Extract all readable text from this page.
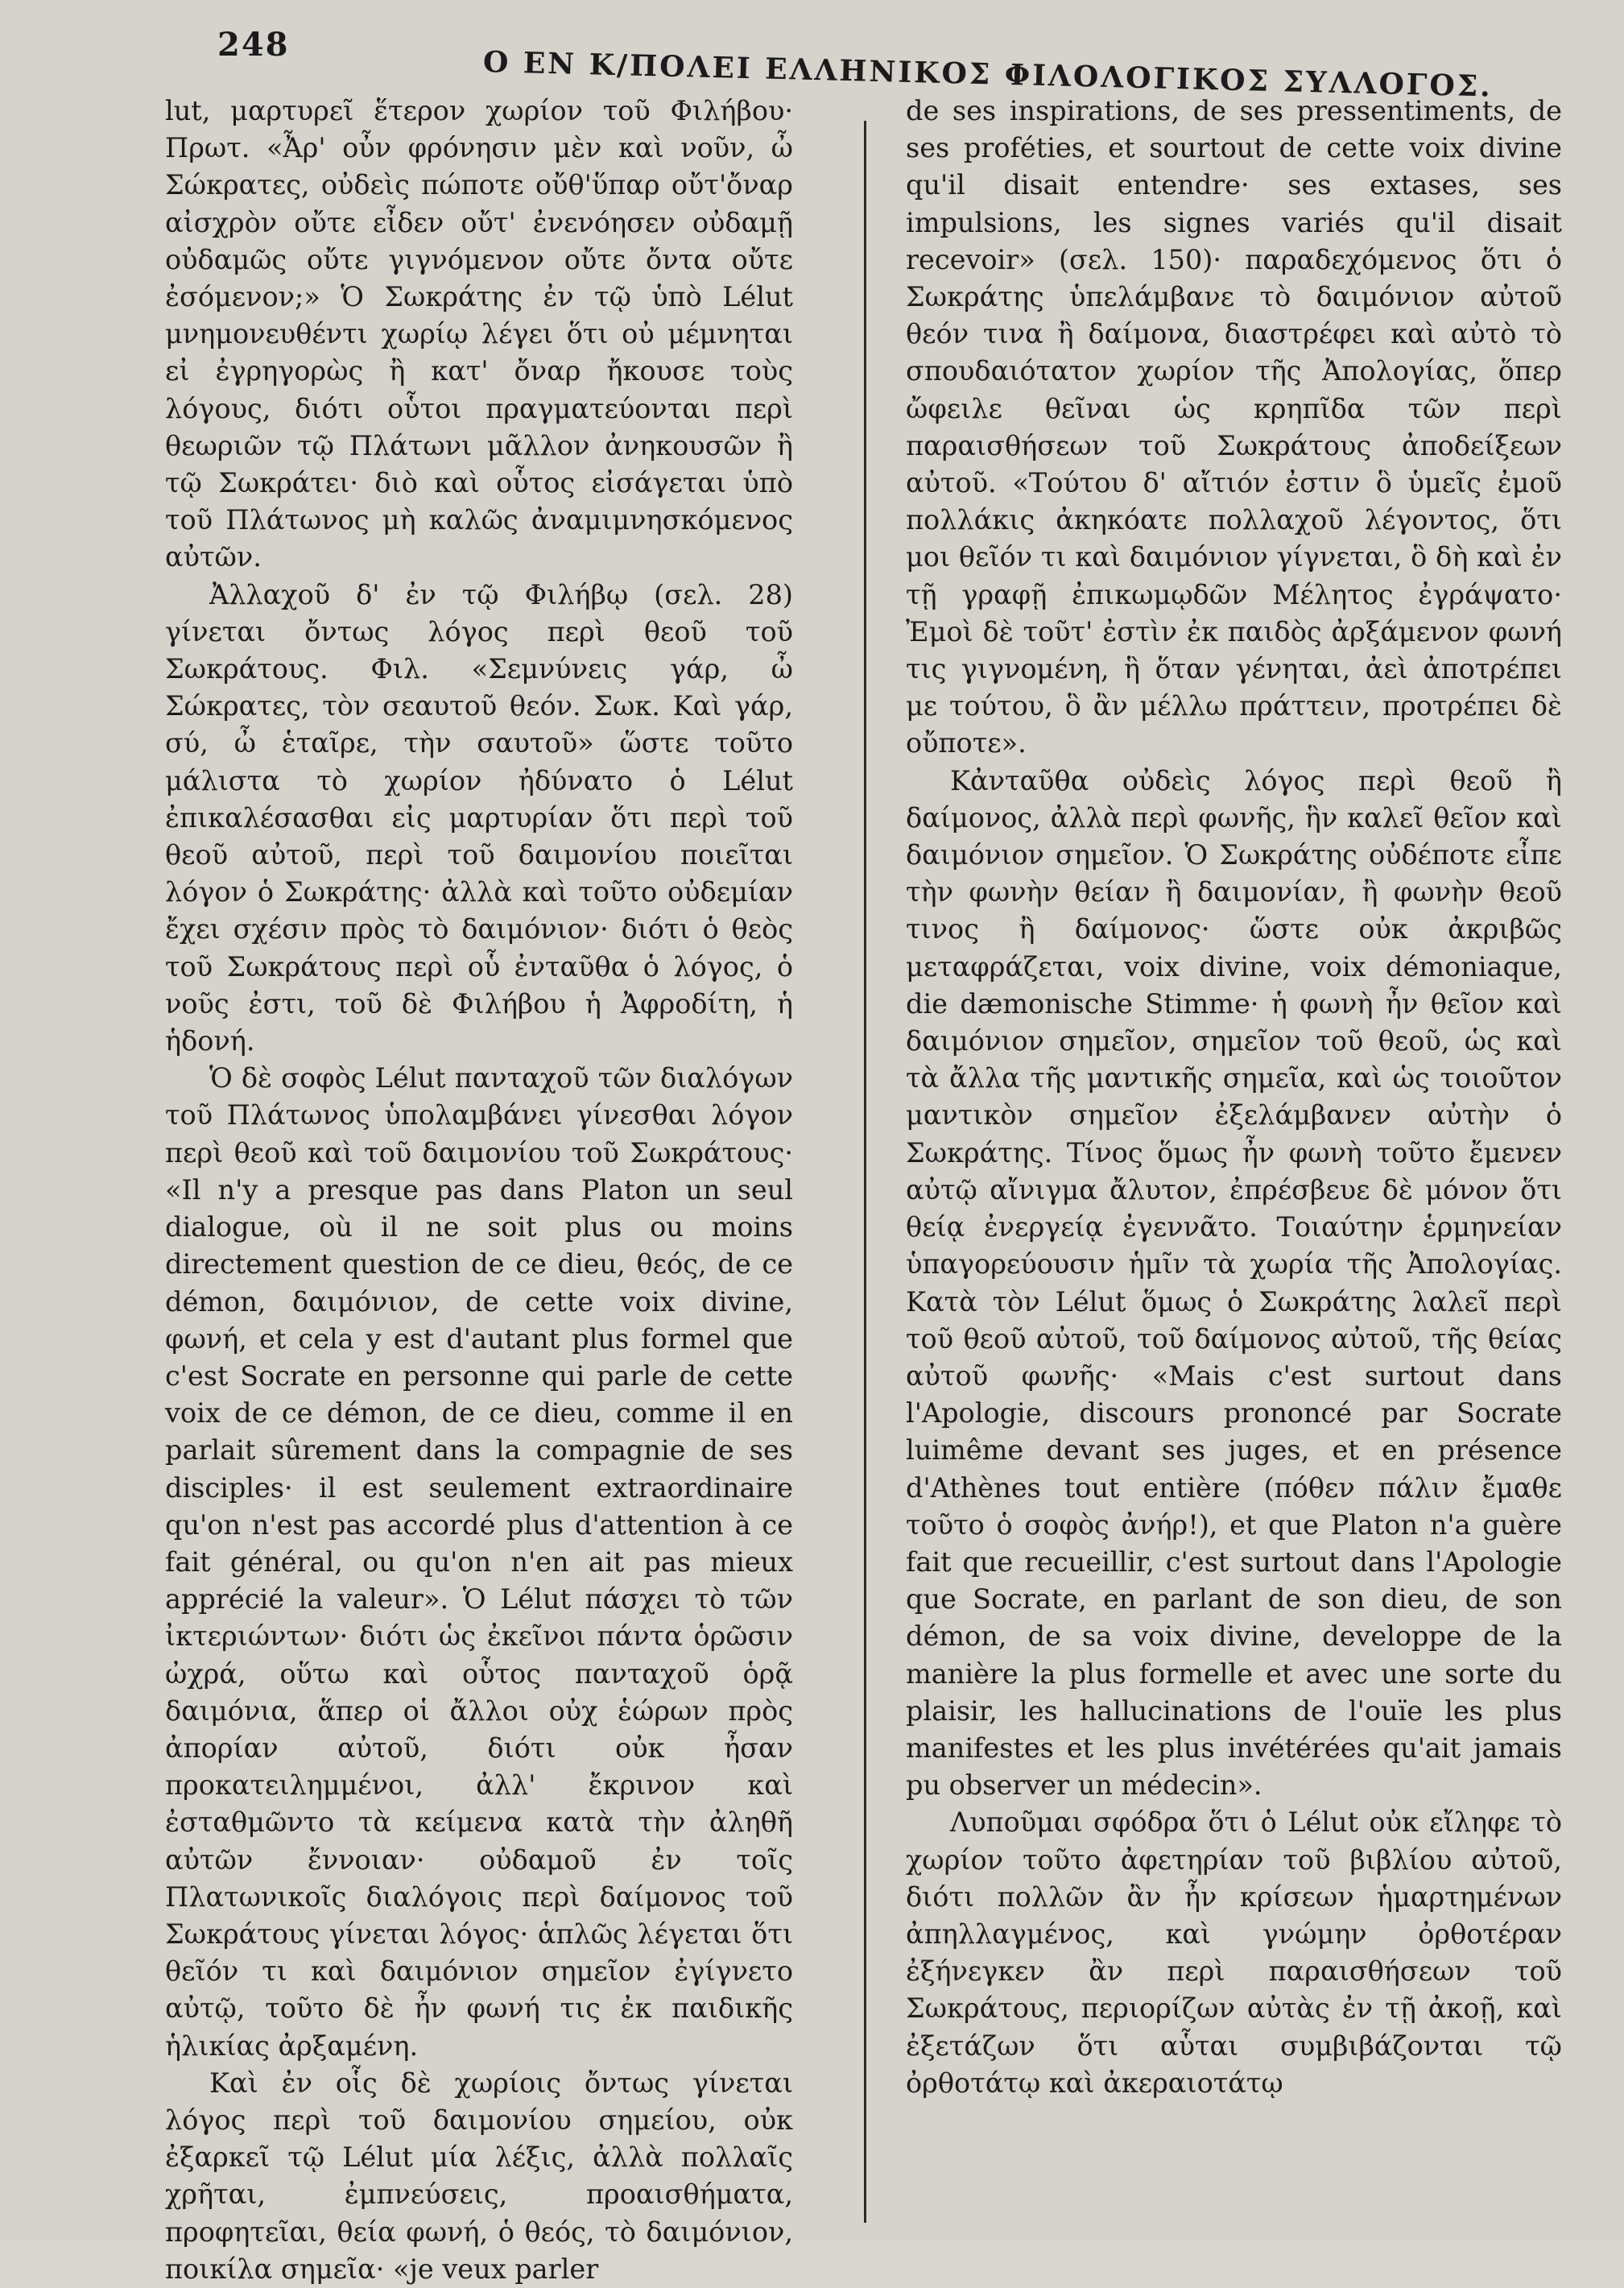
248
Ο ΕΝ Κ/ΠΟΛΕΙ ΕΛΛΗΝΙΚΟΣ ΦΙΛΟΛΟΓΙΚΟΣ ΣΥΛΛΟΓΟΣ.

lut, μαρτυρεῖ ἕτερον χωρίον τοῦ Φιλήβου· Πρωτ. «Ἆρ' οὖν φρόνησιν μὲν καὶ νοῦν, ὦ Σώκρατες, οὐδεὶς πώποτε οὔθ'ὕπαρ οὔτ'ὄναρ αἰσχρὸν οὔτε εἶδεν οὔτ' ἐνενόησεν οὐδαμῇ οὐδαμῶς οὔτε γιγνόμενον οὔτε ὄντα οὔτε ἐσόμενον;» Ὁ Σωκράτης ἐν τῷ ὑπὸ Lélut μνημονευθέντι χωρίῳ λέγει ὅτι οὐ μέμνηται εἰ ἐγρηγορὼς ἢ κατ' ὄναρ ἤκουσε τοὺς λόγους, διότι οὗτοι πραγματεύονται περὶ θεωριῶν τῷ Πλάτωνι μᾶλλον ἀνηκουσῶν ἢ τῷ Σωκράτει· διὸ καὶ οὗτος εἰσάγεται ὑπὸ τοῦ Πλάτωνος μὴ καλῶς ἀναμιμνησκόμενος αὐτῶν.

Ἀλλαχοῦ δ' ἐν τῷ Φιλήβῳ (σελ. 28) γίνεται ὄντως λόγος περὶ θεοῦ τοῦ Σωκράτους. Φιλ. «Σεμνύνεις γάρ, ὦ Σώκρατες, τὸν σεαυτοῦ θεόν. Σωκ. Καὶ γάρ, σύ, ὦ ἑταῖρε, τὴν σαυτοῦ» ὥστε τοῦτο μάλιστα τὸ χωρίον ἠδύνατο ὁ Lélut ἐπικαλέσασθαι εἰς μαρτυρίαν ὅτι περὶ τοῦ θεοῦ αὐτοῦ, περὶ τοῦ δαιμονίου ποιεῖται λόγον ὁ Σωκράτης· ἀλλὰ καὶ τοῦτο οὐδεμίαν ἔχει σχέσιν πρὸς τὸ δαιμόνιον· διότι ὁ θεὸς τοῦ Σωκράτους περὶ οὗ ἐνταῦθα ὁ λόγος, ὁ νοῦς ἐστι, τοῦ δὲ Φιλήβου ἡ Ἀφροδίτη, ἡ ἡδονή.

Ὁ δὲ σοφὸς Lélut πανταχοῦ τῶν διαλόγων τοῦ Πλάτωνος ὑπολαμβάνει γίνεσθαι λόγον περὶ θεοῦ καὶ τοῦ δαιμονίου τοῦ Σωκράτους· «Il n'y a presque pas dans Platon un seul dialogue, où il ne soit plus ou moins directement question de ce dieu, θεός, de ce démon, δαιμόνιον, de cette voix divine, φωνή, et cela y est d'autant plus formel que c'est Socrate en personne qui parle de cette voix de ce démon, de ce dieu, comme il en parlait sûrement dans la compagnie de ses disciples· il est seulement extraordinaire qu'on n'est pas accordé plus d'attention à ce fait général, ou qu'on n'en ait pas mieux apprécié la valeur». Ὁ Lélut πάσχει τὸ τῶν ἰκτεριώντων· διότι ὡς ἐκεῖνοι πάντα ὁρῶσιν ὠχρά, οὕτω καὶ οὗτος πανταχοῦ ὁρᾷ δαιμόνια, ἅπερ οἱ ἄλλοι οὐχ ἑώρων πρὸς ἀπορίαν αὐτοῦ, διότι οὐκ ἦσαν προκατειλημμένοι, ἀλλ' ἔκρινον καὶ ἐσταθμῶντο τὰ κείμενα κατὰ τὴν ἀληθῆ αὐτῶν ἔννοιαν· οὐδαμοῦ ἐν τοῖς Πλατωνικοῖς διαλόγοις περὶ δαίμονος τοῦ Σωκράτους γίνεται λόγος· ἁπλῶς λέγεται ὅτι θεῖόν τι καὶ δαιμόνιον σημεῖον ἐγίγνετο αὐτῷ, τοῦτο δὲ ἦν φωνή τις ἐκ παιδικῆς ἡλικίας ἀρξαμένη.

Καὶ ἐν οἷς δὲ χωρίοις ὄντως γίνεται λόγος περὶ τοῦ δαιμονίου σημείου, οὐκ ἐξαρκεῖ τῷ Lélut μία λέξις, ἀλλὰ πολλαῖς χρῆται, ἐμπνεύσεις, προαισθήματα, προφητεῖαι, θεία φωνή, ὁ θεός, τὸ δαιμόνιον, ποικίλα σημεῖα· «je veux parler

de ses inspirations, de ses pressentiments, de ses proféties, et sourtout de cette voix divine qu'il disait entendre· ses extases, ses impulsions, les signes variés qu'il disait recevoir» (σελ. 150)· παραδεχόμενος ὅτι ὁ Σωκράτης ὑπελάμβανε τὸ δαιμόνιον αὐτοῦ θεόν τινα ἢ δαίμονα, διαστρέφει καὶ αὐτὸ τὸ σπουδαιότατον χωρίον τῆς Ἀπολογίας, ὅπερ ὤφειλε θεῖναι ὡς κρηπῖδα τῶν περὶ παραισθήσεων τοῦ Σωκράτους ἀποδείξεων αὐτοῦ. «Τούτου δ' αἴτιόν ἐστιν ὃ ὑμεῖς ἐμοῦ πολλάκις ἀκηκόατε πολλαχοῦ λέγοντος, ὅτι μοι θεῖόν τι καὶ δαιμόνιον γίγνεται, ὃ δὴ καὶ ἐν τῇ γραφῇ ἐπικωμῳδῶν Μέλητος ἐγράψατο· Ἐμοὶ δὲ τοῦτ' ἐστὶν ἐκ παιδὸς ἀρξάμενον φωνή τις γιγνομένη, ἣ ὅταν γένηται, ἀεὶ ἀποτρέπει με τούτου, ὃ ἂν μέλλω πράττειν, προτρέπει δὲ οὔποτε».

Κἀνταῦθα οὐδεὶς λόγος περὶ θεοῦ ἢ δαίμονος, ἀλλὰ περὶ φωνῆς, ἣν καλεῖ θεῖον καὶ δαιμόνιον σημεῖον. Ὁ Σωκράτης οὐδέποτε εἶπε τὴν φωνὴν θείαν ἢ δαιμονίαν, ἢ φωνὴν θεοῦ τινος ἢ δαίμονος· ὥστε οὐκ ἀκριβῶς μεταφράζεται, voix divine, voix démoniaque, die dæmonische Stimme· ἡ φωνὴ ἦν θεῖον καὶ δαιμόνιον σημεῖον, σημεῖον τοῦ θεοῦ, ὡς καὶ τὰ ἄλλα τῆς μαντικῆς σημεῖα, καὶ ὡς τοιοῦτον μαντικὸν σημεῖον ἐξελάμβανεν αὐτὴν ὁ Σωκράτης. Τίνος ὅμως ἦν φωνὴ τοῦτο ἔμενεν αὐτῷ αἴνιγμα ἄλυτον, ἐπρέσβευε δὲ μόνον ὅτι θείᾳ ἐνεργείᾳ ἐγεννᾶτο. Τοιαύτην ἑρμηνείαν ὑπαγορεύουσιν ἡμῖν τὰ χωρία τῆς Ἀπολογίας. Κατὰ τὸν Lélut ὅμως ὁ Σωκράτης λαλεῖ περὶ τοῦ θεοῦ αὐτοῦ, τοῦ δαίμονος αὐτοῦ, τῆς θείας αὐτοῦ φωνῆς· «Mais c'est surtout dans l'Apologie, discours prononcé par Socrate luimême devant ses juges, et en présence d'Athènes tout entière (πόθεν πάλιν ἔμαθε τοῦτο ὁ σοφὸς ἀνήρ!), et que Platon n'a guère fait que recueillir, c'est surtout dans l'Apologie que Socrate, en parlant de son dieu, de son démon, de sa voix divine, developpe de la manière la plus formelle et avec une sorte du plaisir, les hallucinations de l'ouïe les plus manifestes et les plus invétérées qu'ait jamais pu observer un médecin».

Λυποῦμαι σφόδρα ὅτι ὁ Lélut οὐκ εἴληφε τὸ χωρίον τοῦτο ἀφετηρίαν τοῦ βιβλίου αὐτοῦ, διότι πολλῶν ἂν ἦν κρίσεων ἡμαρτημένων ἀπηλλαγμένος, καὶ γνώμην ὀρθοτέραν ἐξήνεγκεν ἂν περὶ παραισθήσεων τοῦ Σωκράτους, περιορίζων αὐτὰς ἐν τῇ ἀκοῇ, καὶ ἐξετάζων ὅτι αὗται συμβιβάζονται τῷ ὀρθοτάτῳ καὶ ἀκεραιοτάτῳ
